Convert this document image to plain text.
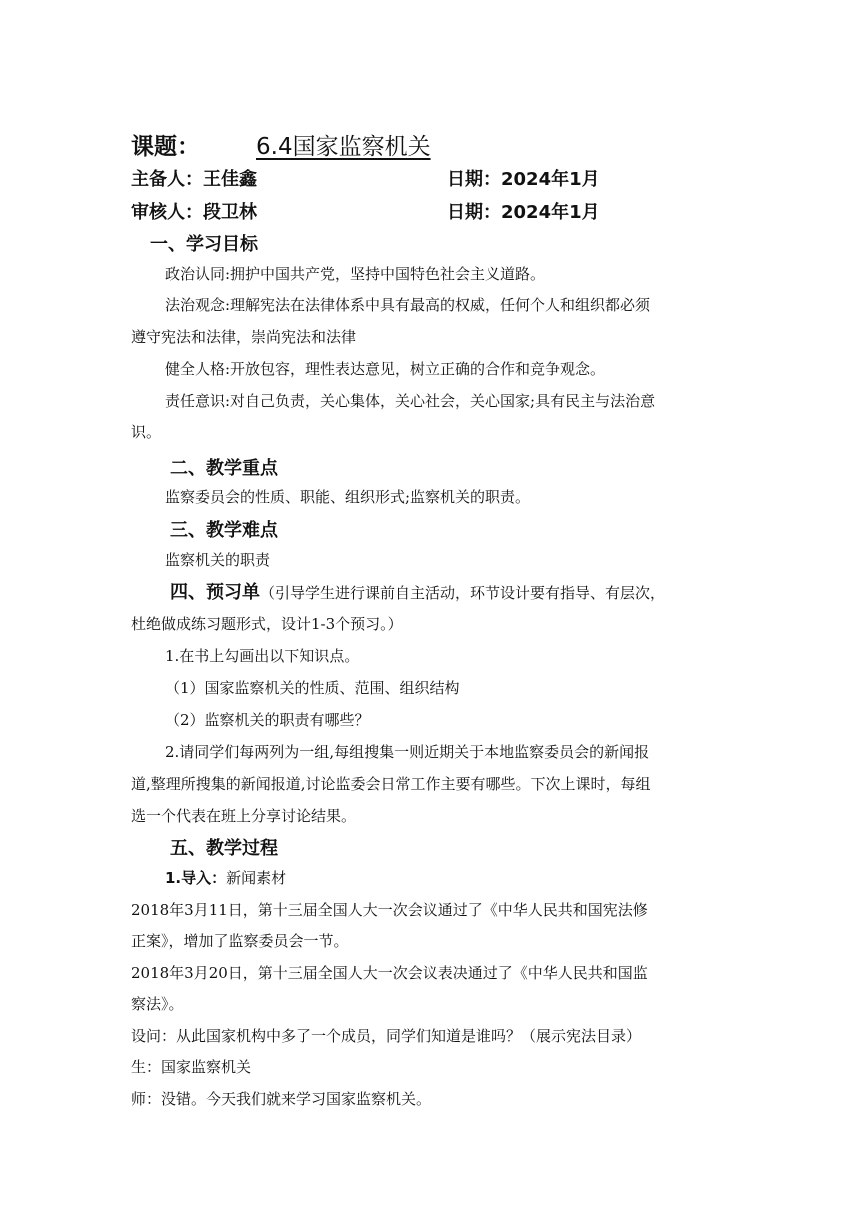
课题： 6.4国家监察机关
主备人：王佳鑫	日期：2024年1月
审核人：段卫林	日期：2024年1月
一、学习目标
政治认同:拥护中国共产党，坚持中国特色社会主义道路。
法治观念:理解宪法在法律体系中具有最高的权威，任何个人和组织都必须
遵守宪法和法律，崇尚宪法和法律
健全人格:开放包容，理性表达意见，树立正确的合作和竞争观念。
责任意识:对自己负责，关心集体，关心社会，关心国家;具有民主与法治意
识。
二、教学重点
监察委员会的性质、职能、组织形式;监察机关的职责。
三、教学难点
监察机关的职责
四、预习单（引导学生进行课前自主活动，环节设计要有指导、有层次，
杜绝做成练习题形式，设计1-3个预习。）
1.在书上勾画出以下知识点。
（1）国家监察机关的性质、范围、组织结构
（2）监察机关的职责有哪些？
2.请同学们每两列为一组,每组搜集一则近期关于本地监察委员会的新闻报
道,整理所搜集的新闻报道,讨论监委会日常工作主要有哪些。下次上课时，每组
选一个代表在班上分享讨论结果。
五、教学过程
1.导入：新闻素材
2018年3月11日，第十三届全国人大一次会议通过了《中华人民共和国宪法修
正案》，增加了监察委员会一节。
2018年3月20日，第十三届全国人大一次会议表决通过了《中华人民共和国监
察法》。
设问：从此国家机构中多了一个成员，同学们知道是谁吗？（展示宪法目录）
生：国家监察机关
师：没错。今天我们就来学习国家监察机关。
